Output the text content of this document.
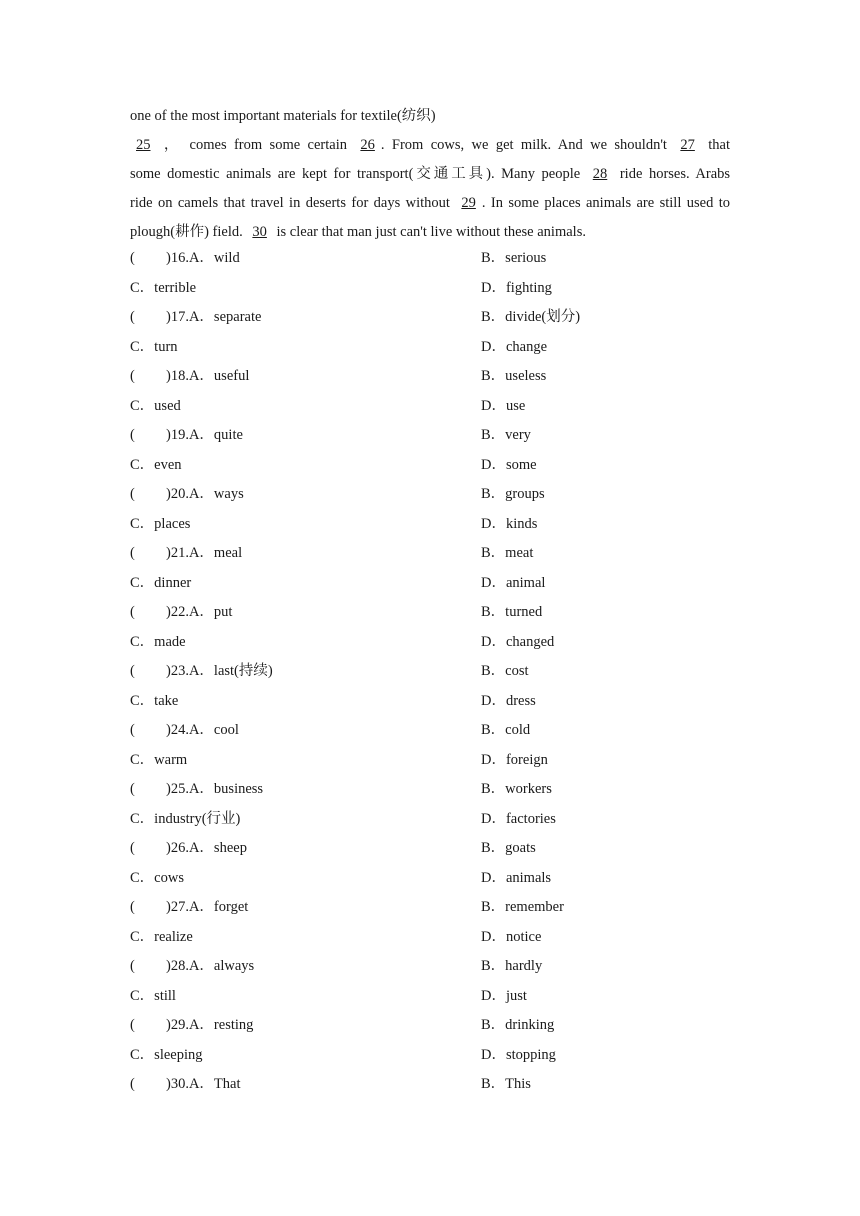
one of the most important materials for textile(纺织)
25 ， comes from some certain 26 . From cows, we get milk. And we shouldn't 27 that
some domestic animals are kept for transport(交通工具). Many people 28 ride horses. Arabs
ride on camels that travel in deserts for days without 29 . In some places animals are still used to
plough(耕作) field. 30 is clear that man just can't live without these animals.
( )16.A．wild	B．serious
C．terrible	D．fighting
( )17.A．separate	B．divide(划分)
C．turn	D．change
( )18.A．useful	B．useless
C．used	D．use
( )19.A．quite	B．very
C．even	D．some
( )20.A．ways	B．groups
C．places	D．kinds
( )21.A．meal	B．meat
C．dinner	D．animal
( )22.A．put	B．turned
C．made	D．changed
( )23.A．last(持续)	B．cost
C．take	D．dress
( )24.A．cool	B．cold
C．warm	D．foreign
( )25.A．business	B．workers
C．industry(行业)	D．factories
( )26.A．sheep	B．goats
C．cows	D．animals
( )27.A．forget	B．remember
C．realize	D．notice
( )28.A．always	B．hardly
C．still	D．just
( )29.A．resting	B．drinking
C．sleeping	D．stopping
( )30.A．That	B．This
